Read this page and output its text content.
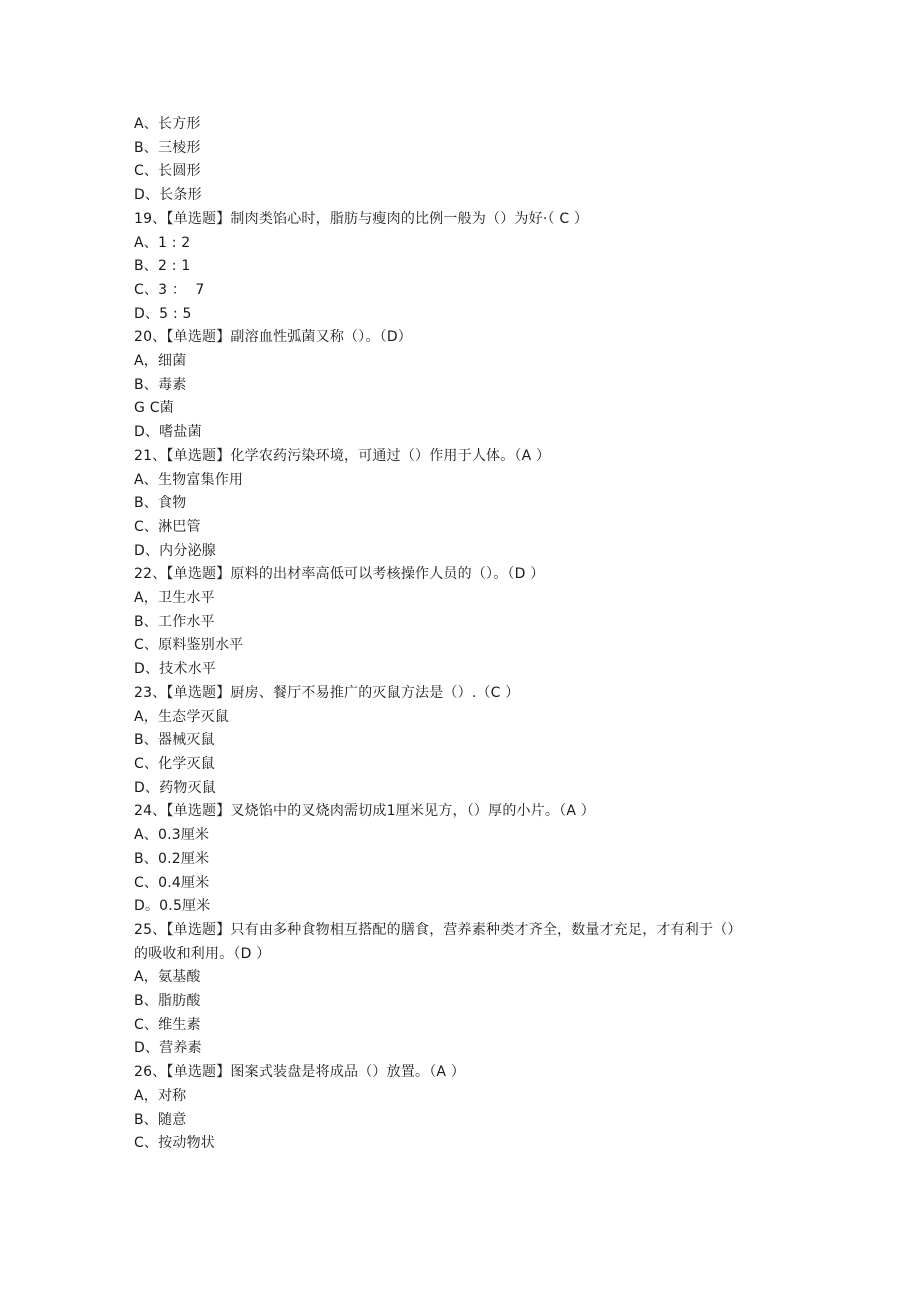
A、长方形
B、三棱形
C、长圆形
D、长条形
19、【单选题】制肉类馅心时，脂肪与瘦肉的比例一般为（）为好·（ C ）
A、1 : 2
B、2 : 1
C、3 ：  7
D、5 : 5
20、【单选题】副溶血性弧菌又称（）。（D）
A，细菌
B、毒素
G C菌
D、嗜盐菌
21、【单选题】化学农药污染环境，可通过（）作用于人体。（A ）
A、生物富集作用
B、食物
C、淋巴管
D、内分泌腺
22、【单选题】原料的出材率高低可以考核操作人员的（）。（D ）
A，卫生水平
B、工作水平
C、原料鉴别水平
D、技术水平
23、【单选题】厨房、餐厅不易推广的灭鼠方法是（）.（C ）
A，生态学灭鼠
B、器械灭鼠
C、化学灭鼠
D、药物灭鼠
24、【单选题】叉烧馅中的叉烧肉需切成1厘米见方，（）厚的小片。（A ）
A、0.3厘米
B、0.2厘米
C、0.4厘米
D。0.5厘米
25、【单选题】只有由多种食物相互搭配的膳食，营养素种类才齐全，数量才充足，才有利于（）
的吸收和利用。（D ）
A，氨基酸
B、脂肪酸
C、维生素
D、营养素
26、【单选题】图案式装盘是将成品（）放置。（A ）
A，对称
B、随意
C、按动物状
